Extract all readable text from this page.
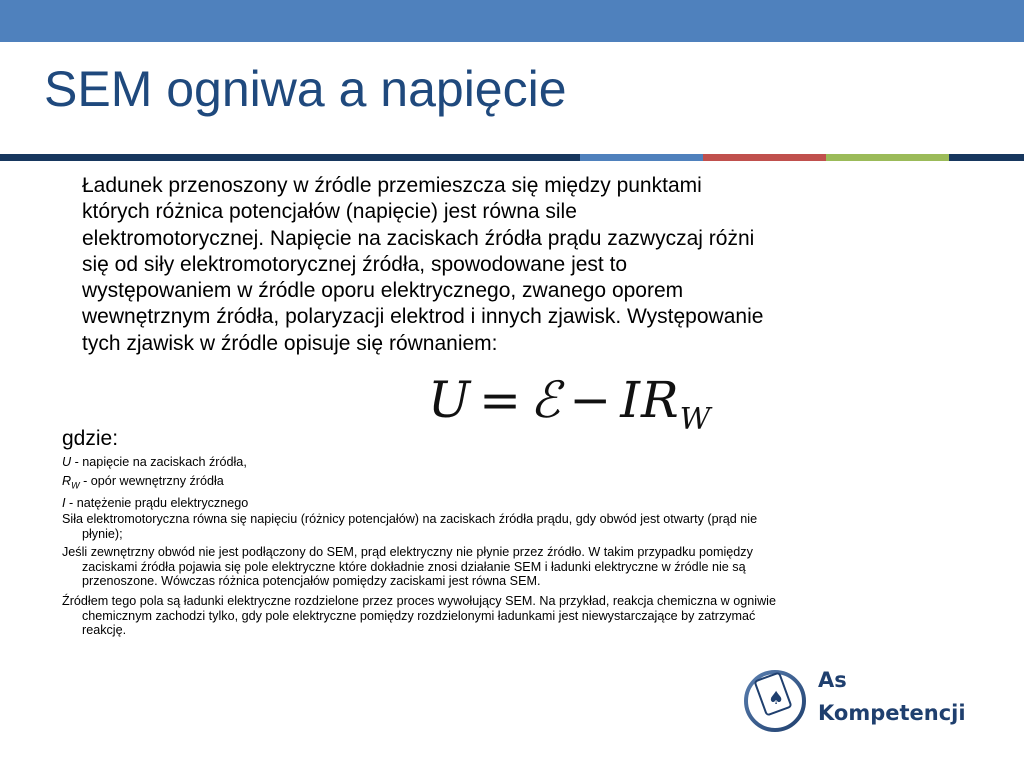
SEM ogniwa a napięcie
Ładunek przenoszony w źródle przemieszcza się między punktami
których różnica potencjałów (napięcie) jest równa sile
elektromotorycznej. Napięcie na zaciskach źródła prądu zazwyczaj różni
się od siły elektromotorycznej źródła, spowodowane jest to
występowaniem w źródle oporu elektrycznego, zwanego oporem
wewnętrznym źródła, polaryzacji elektrod i innych zjawisk. Występowanie
tych zjawisk w źródle opisuje się równaniem:
U = ℰ − $IR_W$
gdzie:
U - napięcie na zaciskach źródła,
$R_W$ - opór wewnętrzny źródła
I - natężenie prądu elektrycznego
Siła elektromotoryczna równa się napięciu (różnicy potencjałów) na zaciskach źródła prądu, gdy obwód jest otwarty (prąd nie
płynie);
Jeśli zewnętrzny obwód nie jest podłączony do SEM, prąd elektryczny nie płynie przez źródło. W takim przypadku pomiędzy
zaciskami źródła pojawia się pole elektryczne które dokładnie znosi działanie SEM i ładunki elektryczne w źródle nie są
przenoszone. Wówczas różnica potencjałów pomiędzy zaciskami jest równa SEM.
Źródłem tego pola są ładunki elektryczne rozdzielone przez proces wywołujący SEM. Na przykład, reakcja chemiczna w ogniwie
chemicznym zachodzi tylko, gdy pole elektryczne pomiędzy rozdzielonymi ładunkami jest niewystarczające by zatrzymać
reakcję.
♠
As
Kompetencji
